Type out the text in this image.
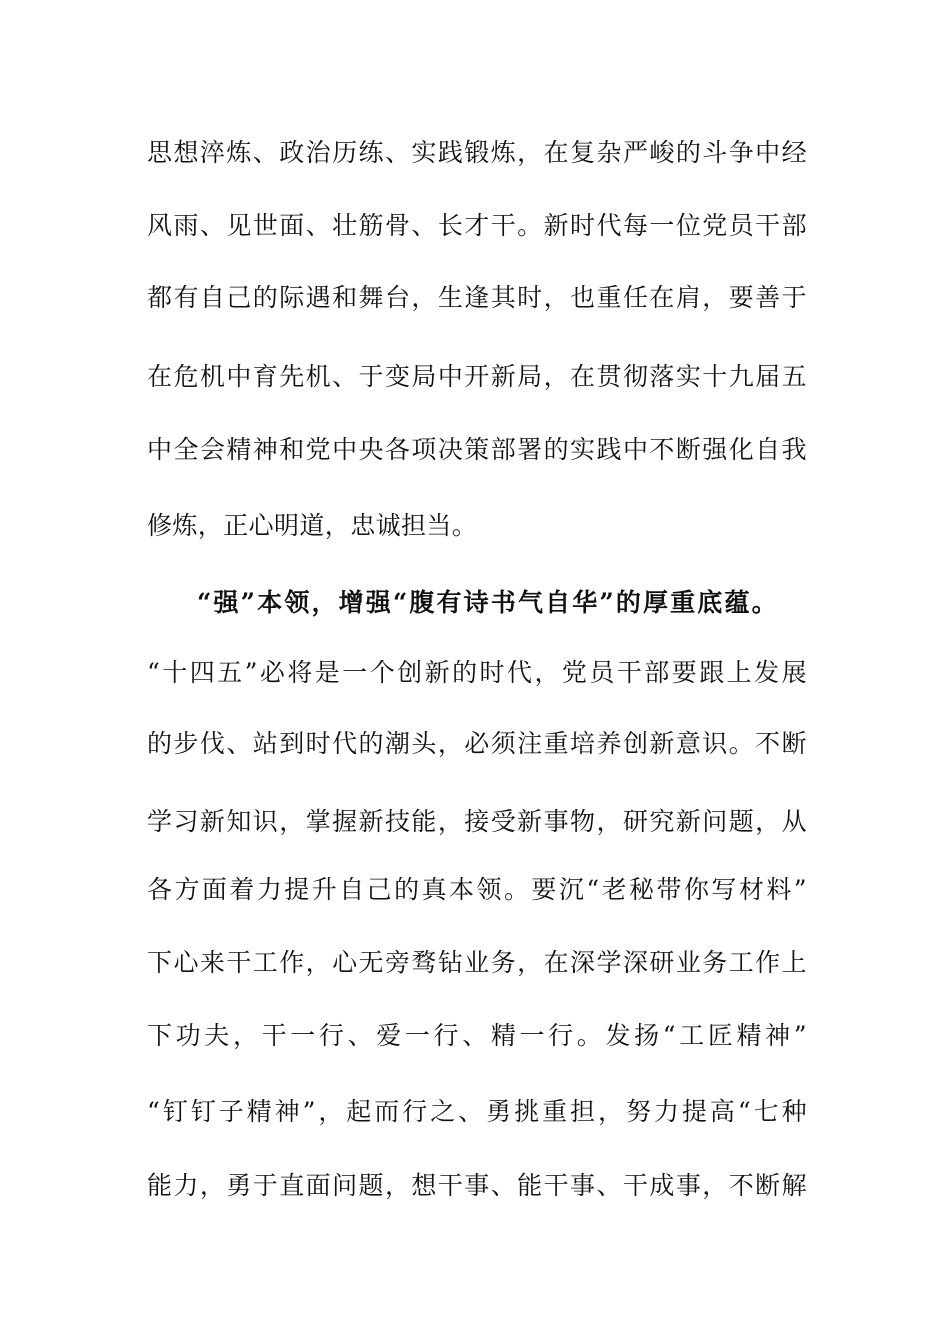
思想淬炼、政治历练、实践锻炼，在复杂严峻的斗争中经
风雨、见世面、壮筋骨、长才干。新时代每一位党员干部
都有自己的际遇和舞台，生逢其时，也重任在肩，要善于
在危机中育先机、于变局中开新局，在贯彻落实十九届五
中全会精神和党中央各项决策部署的实践中不断强化自我
修炼，正心明道，忠诚担当。
“强”本领，增强“腹有诗书气自华”的厚重底蕴。
“十四五”必将是一个创新的时代，党员干部要跟上发展
的步伐、站到时代的潮头，必须注重培养创新意识。不断
学习新知识，掌握新技能，接受新事物，研究新问题，从
各方面着力提升自己的真本领。要沉“老秘带你写材料”
下心来干工作，心无旁骛钻业务，在深学深研业务工作上
下功夫，干一行、爱一行、精一行。发扬“工匠精神”
“钉钉子精神”，起而行之、勇挑重担，努力提高“七种
能力，勇于直面问题，想干事、能干事、干成事，不断解
